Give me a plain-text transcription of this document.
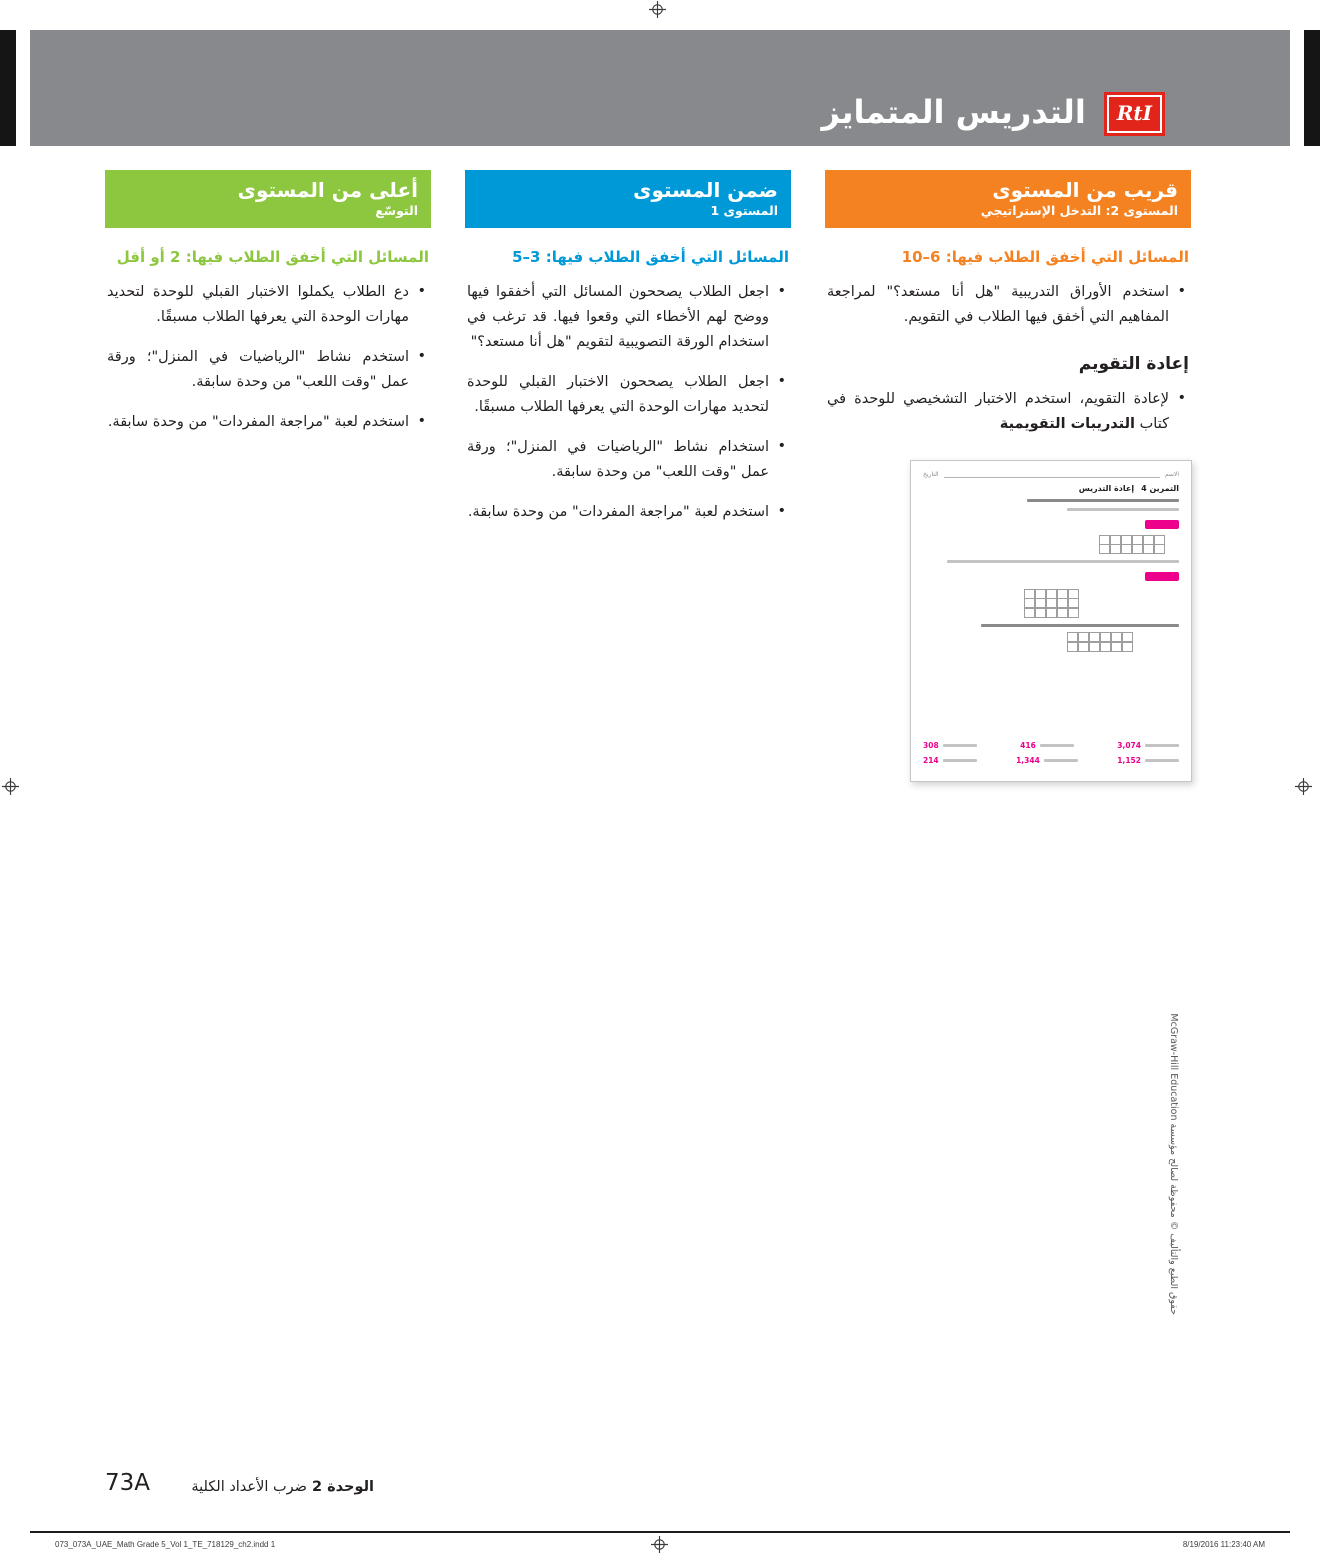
RtI
التدريس المتمايز
قريب من المستوى
المستوى 2: التدخل الإستراتيجي
المسائل التي أخفق الطلاب فيها: 6–10
•
استخدم الأوراق التدريبية "هل أنا مستعد؟" لمراجعة المفاهيم التي أخفق فيها الطلاب في التقويم.
إعادة التقويم
•
لإعادة التقويم، استخدم الاختبار التشخيصي للوحدة في كتاب التدريبات التقويمية
الاسم
التاريخ
التمرين 4
إعادة التدريس
3,074
416
308
1,152
1,344
214
ضمن المستوى
المستوى 1
المسائل التي أخفق الطلاب فيها: 3–5
•
اجعل الطلاب يصححون المسائل التي أخفقوا فيها ووضح لهم الأخطاء التي وقعوا فيها. قد ترغب في استخدام الورقة التصويبية لتقويم "هل أنا مستعد؟"
•
اجعل الطلاب يصححون الاختبار القبلي للوحدة لتحديد مهارات الوحدة التي يعرفها الطلاب مسبقًا.
•
استخدام نشاط "الرياضيات في المنزل"؛ ورقة عمل "وقت اللعب" من وحدة سابقة.
•
استخدم لعبة "مراجعة المفردات" من وحدة سابقة.
أعلى من المستوى
التوسّع
المسائل التي أخفق الطلاب فيها: 2 أو أقل
•
دع الطلاب يكملوا الاختبار القبلي للوحدة لتحديد مهارات الوحدة التي يعرفها الطلاب مسبقًا.
•
استخدم نشاط "الرياضيات في المنزل"؛ ورقة عمل "وقت اللعب" من وحدة سابقة.
•
استخدم لعبة "مراجعة المفردات" من وحدة سابقة.
حقوق الطبع والتأليف © محفوظة لصالح مؤسسة McGraw-Hill Education
73A	الوحدة 2ضرب الأعداد الكلية
073_073A_UAE_Math Grade 5_Vol 1_TE_718129_ch2.indd 1	8/19/2016 11:23:40 AM
